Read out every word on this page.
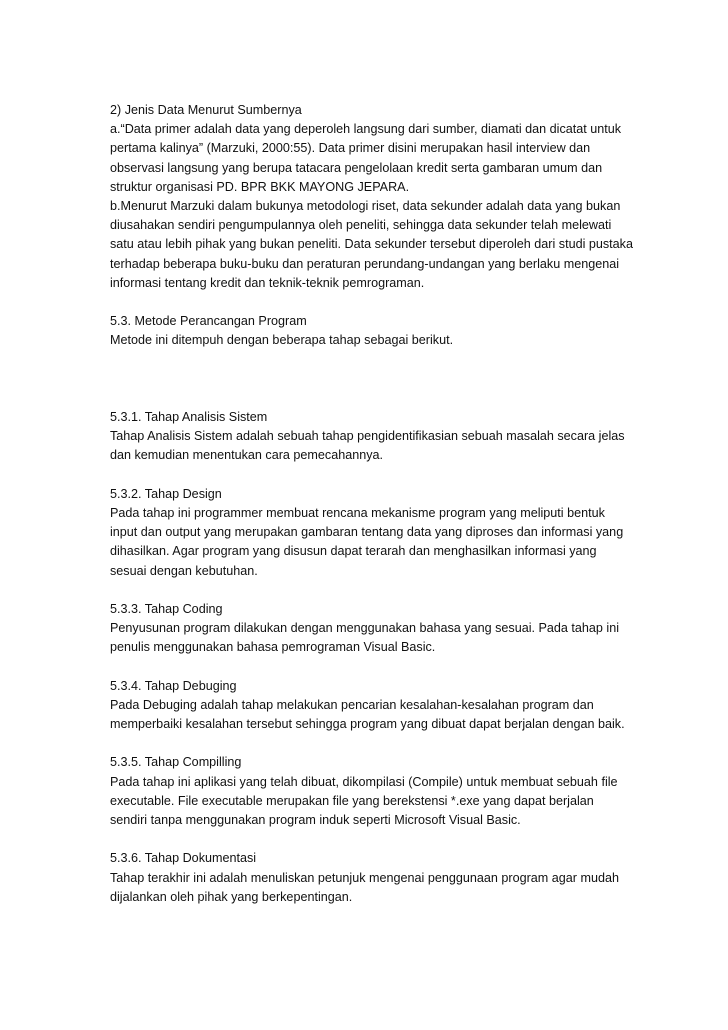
2) Jenis Data Menurut Sumbernya
a.“Data primer adalah data yang deperoleh langsung dari sumber, diamati dan dicatat untuk
pertama kalinya” (Marzuki, 2000:55). Data primer disini merupakan hasil interview dan
observasi langsung yang berupa tatacara pengelolaan kredit serta gambaran umum dan
struktur organisasi PD. BPR BKK MAYONG JEPARA.
b.Menurut Marzuki dalam bukunya metodologi riset, data sekunder adalah data yang bukan
diusahakan sendiri pengumpulannya oleh peneliti, sehingga data sekunder telah melewati
satu atau lebih pihak yang bukan peneliti. Data sekunder tersebut diperoleh dari studi pustaka
terhadap beberapa buku-buku dan peraturan perundang-undangan yang berlaku mengenai
informasi tentang kredit dan teknik-teknik pemrograman.
5.3. Metode Perancangan Program
Metode ini ditempuh dengan beberapa tahap sebagai berikut.
5.3.1. Tahap Analisis Sistem
Tahap Analisis Sistem adalah sebuah tahap pengidentifikasian sebuah masalah secara jelas
dan kemudian menentukan cara pemecahannya.
5.3.2. Tahap Design
Pada tahap ini programmer membuat rencana mekanisme program yang meliputi bentuk
input dan output yang merupakan gambaran tentang data yang diproses dan informasi yang
dihasilkan. Agar program yang disusun dapat terarah dan menghasilkan informasi yang
sesuai dengan kebutuhan.
5.3.3. Tahap Coding
Penyusunan program dilakukan dengan menggunakan bahasa yang sesuai. Pada tahap ini
penulis menggunakan bahasa pemrograman Visual Basic.
5.3.4. Tahap Debuging
Pada Debuging adalah tahap melakukan pencarian kesalahan-kesalahan program dan
memperbaiki kesalahan tersebut sehingga program yang dibuat dapat berjalan dengan baik.
5.3.5. Tahap Compilling
Pada tahap ini aplikasi yang telah dibuat, dikompilasi (Compile) untuk membuat sebuah file
executable. File executable merupakan file yang berekstensi *.exe yang dapat berjalan
sendiri tanpa menggunakan program induk seperti Microsoft Visual Basic.
5.3.6. Tahap Dokumentasi
Tahap terakhir ini adalah menuliskan petunjuk mengenai penggunaan program agar mudah
dijalankan oleh pihak yang berkepentingan.
